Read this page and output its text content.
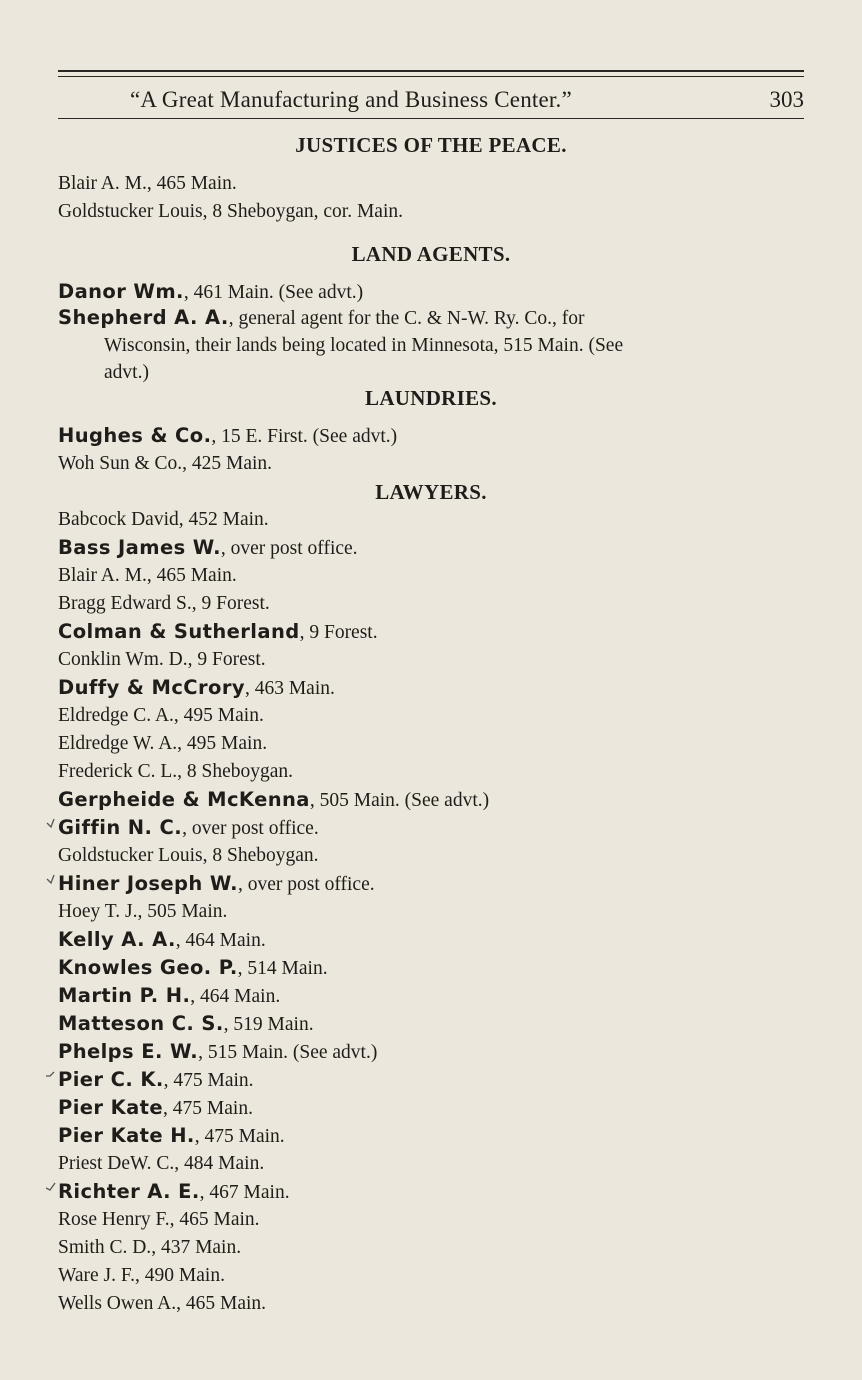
“A Great Manufacturing and Business Center.”	303
JUSTICES OF THE PEACE.
Blair A. M., 465 Main.
Goldstucker Louis, 8 Sheboygan, cor. Main.
LAND AGENTS.
Danor Wm., 461 Main. (See advt.)
Shepherd A. A., general agent for the C. & N-W. Ry. Co., for
Wisconsin, their lands being located in Minnesota, 515 Main. (See
advt.)
LAUNDRIES.
Hughes & Co., 15 E. First. (See advt.)
Woh Sun & Co., 425 Main.
LAWYERS.
Babcock David, 452 Main.
Bass James W., over post office.
Blair A. M., 465 Main.
Bragg Edward S., 9 Forest.
Colman & Sutherland, 9 Forest.
Conklin Wm. D., 9 Forest.
Duffy & McCrory, 463 Main.
Eldredge C. A., 495 Main.
Eldredge W. A., 495 Main.
Frederick C. L., 8 Sheboygan.
Gerpheide & McKenna, 505 Main. (See advt.)
Giffin N. C., over post office.
Goldstucker Louis, 8 Sheboygan.
Hiner Joseph W., over post office.
Hoey T. J., 505 Main.
Kelly A. A., 464 Main.
Knowles Geo. P., 514 Main.
Martin P. H., 464 Main.
Matteson C. S., 519 Main.
Phelps E. W., 515 Main. (See advt.)
Pier C. K., 475 Main.
Pier Kate, 475 Main.
Pier Kate H., 475 Main.
Priest DeW. C., 484 Main.
Richter A. E., 467 Main.
Rose Henry F., 465 Main.
Smith C. D., 437 Main.
Ware J. F., 490 Main.
Wells Owen A., 465 Main.
